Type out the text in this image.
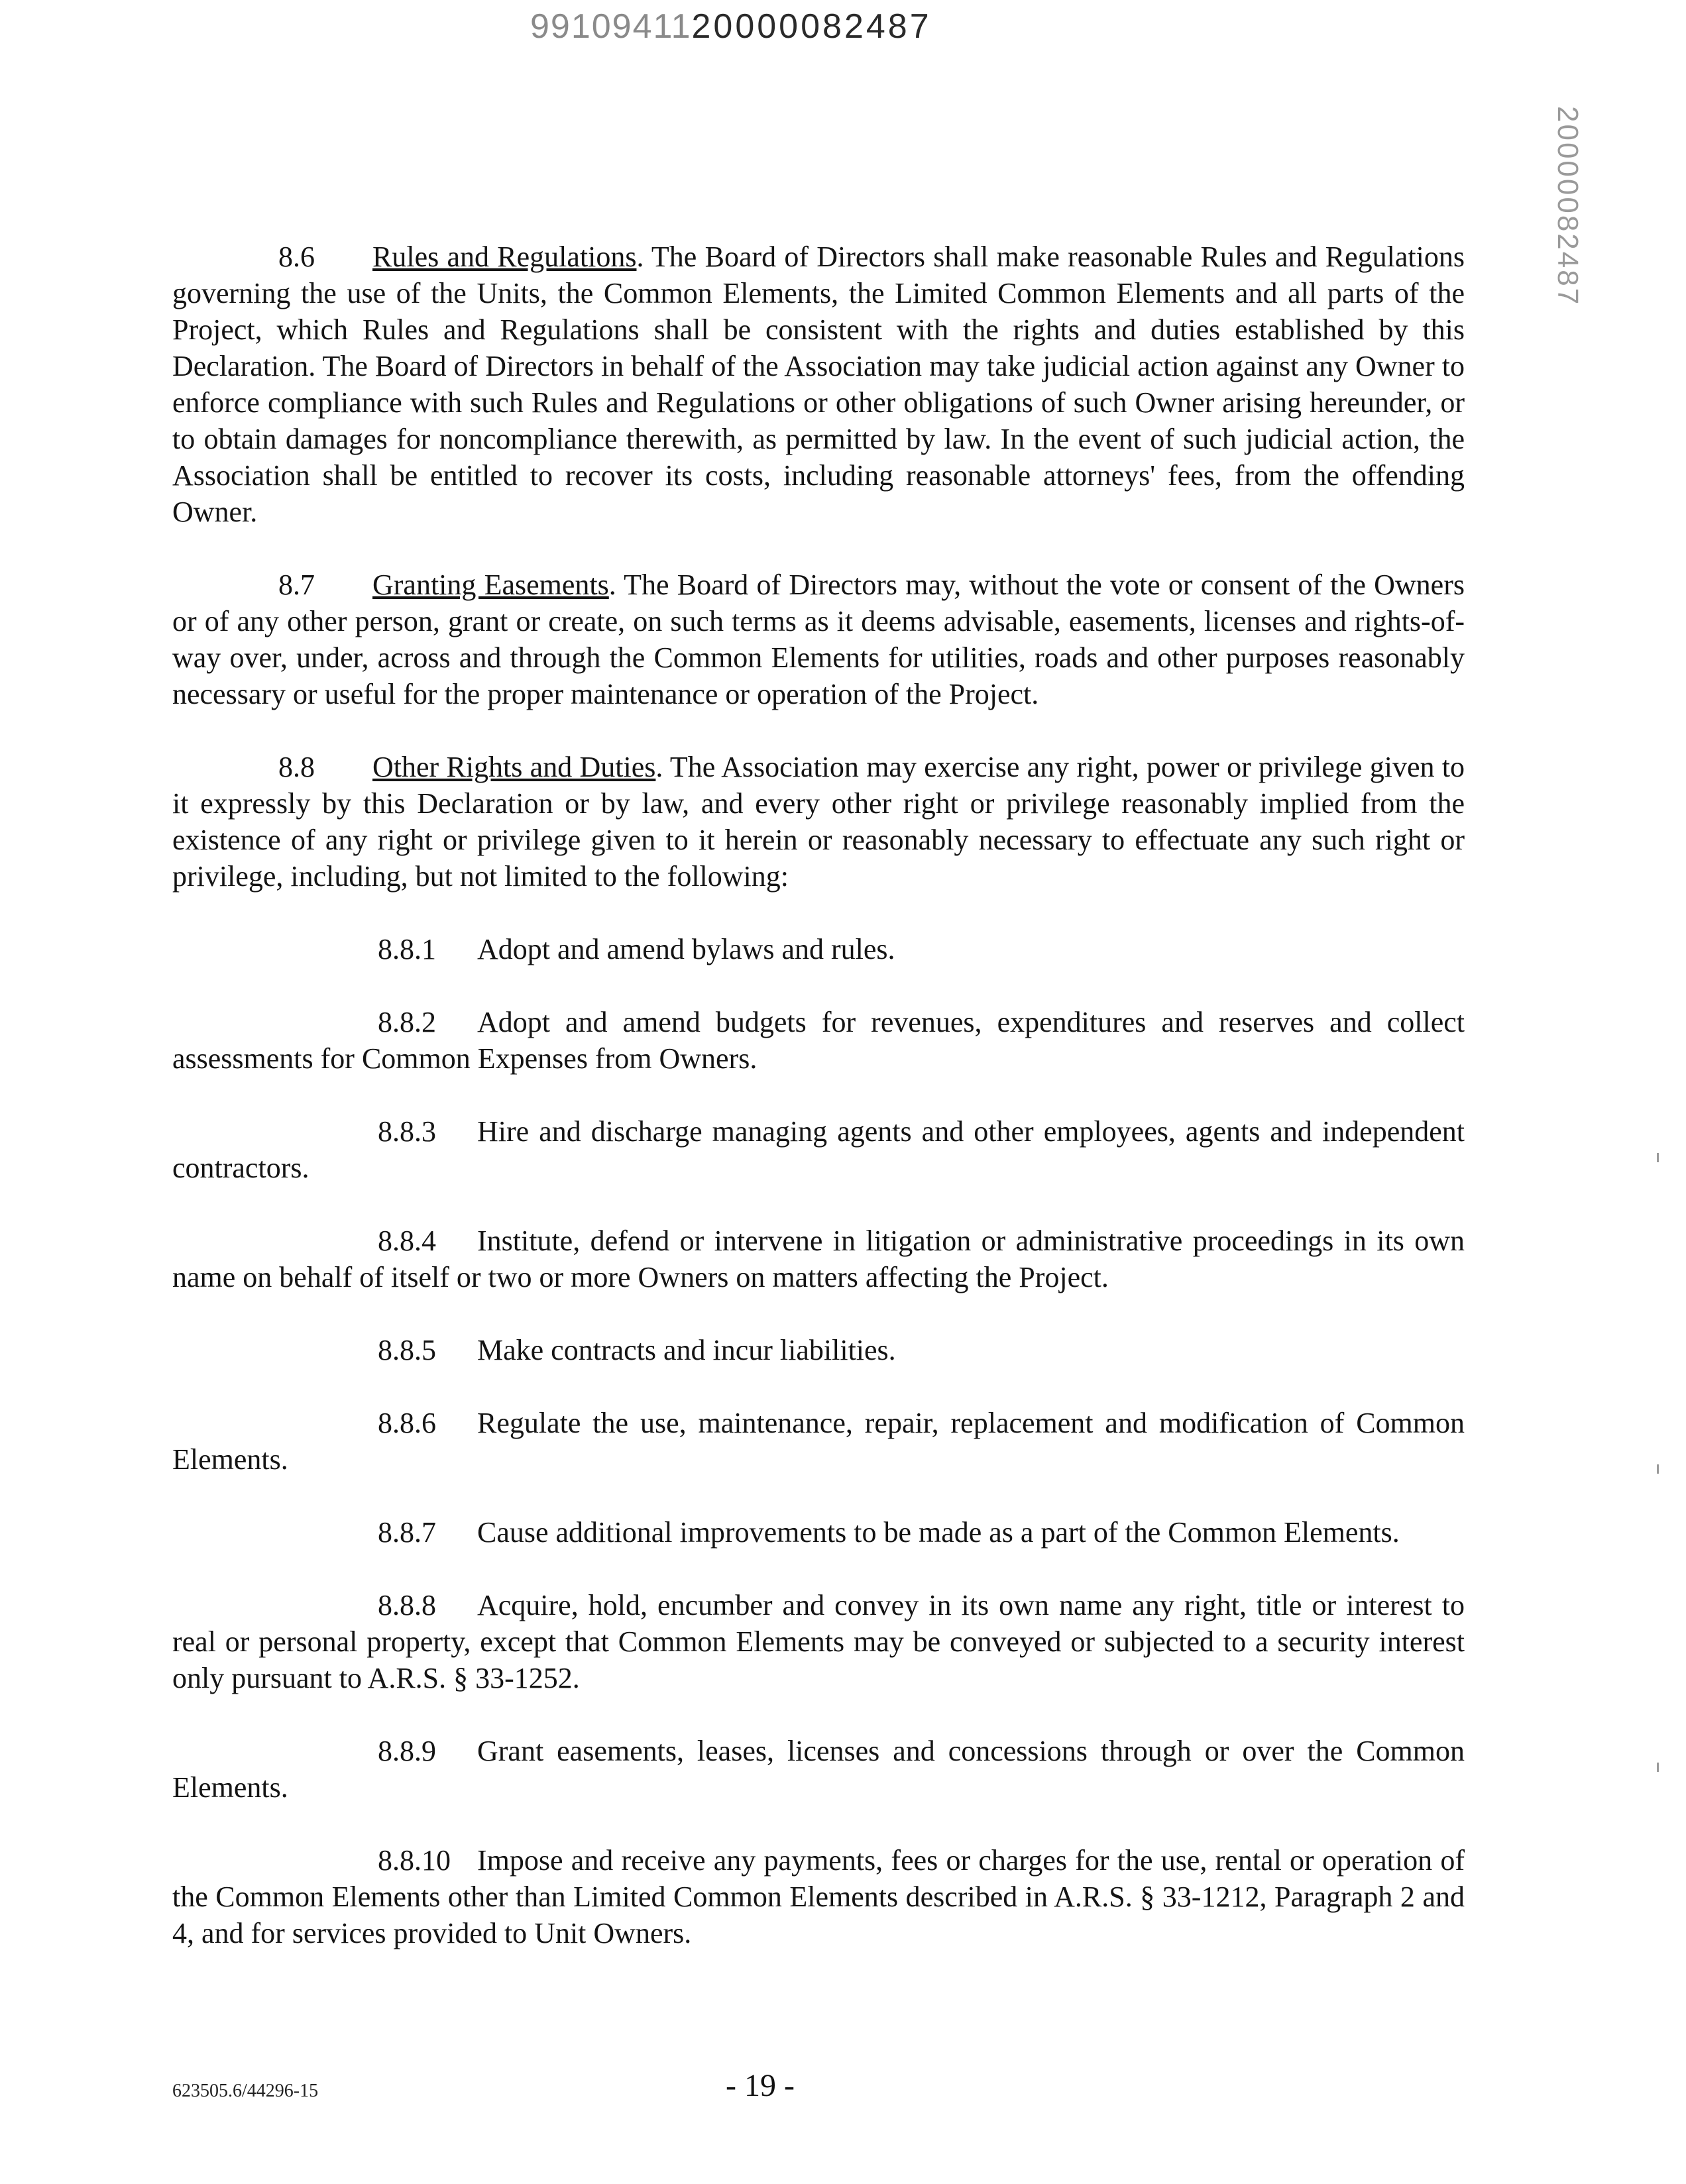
9910941120000082487
20000082487

8.6 Rules and Regulations. The Board of Directors shall make reasonable Rules and Regulations governing the use of the Units, the Common Elements, the Limited Common Elements and all parts of the Project, which Rules and Regulations shall be consistent with the rights and duties established by this Declaration. The Board of Directors in behalf of the Association may take judicial action against any Owner to enforce compliance with such Rules and Regulations or other obligations of such Owner arising hereunder, or to obtain damages for noncompliance therewith, as permitted by law. In the event of such judicial action, the Association shall be entitled to recover its costs, including reasonable attorneys' fees, from the offending Owner.

8.7 Granting Easements. The Board of Directors may, without the vote or consent of the Owners or of any other person, grant or create, on such terms as it deems advisable, easements, licenses and rights-of-way over, under, across and through the Common Elements for utilities, roads and other purposes reasonably necessary or useful for the proper maintenance or operation of the Project.

8.8 Other Rights and Duties. The Association may exercise any right, power or privilege given to it expressly by this Declaration or by law, and every other right or privilege reasonably implied from the existence of any right or privilege given to it herein or reasonably necessary to effectuate any such right or privilege, including, but not limited to the following:

8.8.1 Adopt and amend bylaws and rules.

8.8.2 Adopt and amend budgets for revenues, expenditures and reserves and collect assessments for Common Expenses from Owners.

8.8.3 Hire and discharge managing agents and other employees, agents and independent contractors.

8.8.4 Institute, defend or intervene in litigation or administrative proceedings in its own name on behalf of itself or two or more Owners on matters affecting the Project.

8.8.5 Make contracts and incur liabilities.

8.8.6 Regulate the use, maintenance, repair, replacement and modification of Common Elements.

8.8.7 Cause additional improvements to be made as a part of the Common Elements.

8.8.8 Acquire, hold, encumber and convey in its own name any right, title or interest to real or personal property, except that Common Elements may be conveyed or subjected to a security interest only pursuant to A.R.S. § 33-1252.

8.8.9 Grant easements, leases, licenses and concessions through or over the Common Elements.

8.8.10 Impose and receive any payments, fees or charges for the use, rental or operation of the Common Elements other than Limited Common Elements described in A.R.S. § 33-1212, Paragraph 2 and 4, and for services provided to Unit Owners.

623505.6/44296-15	- 19 -
